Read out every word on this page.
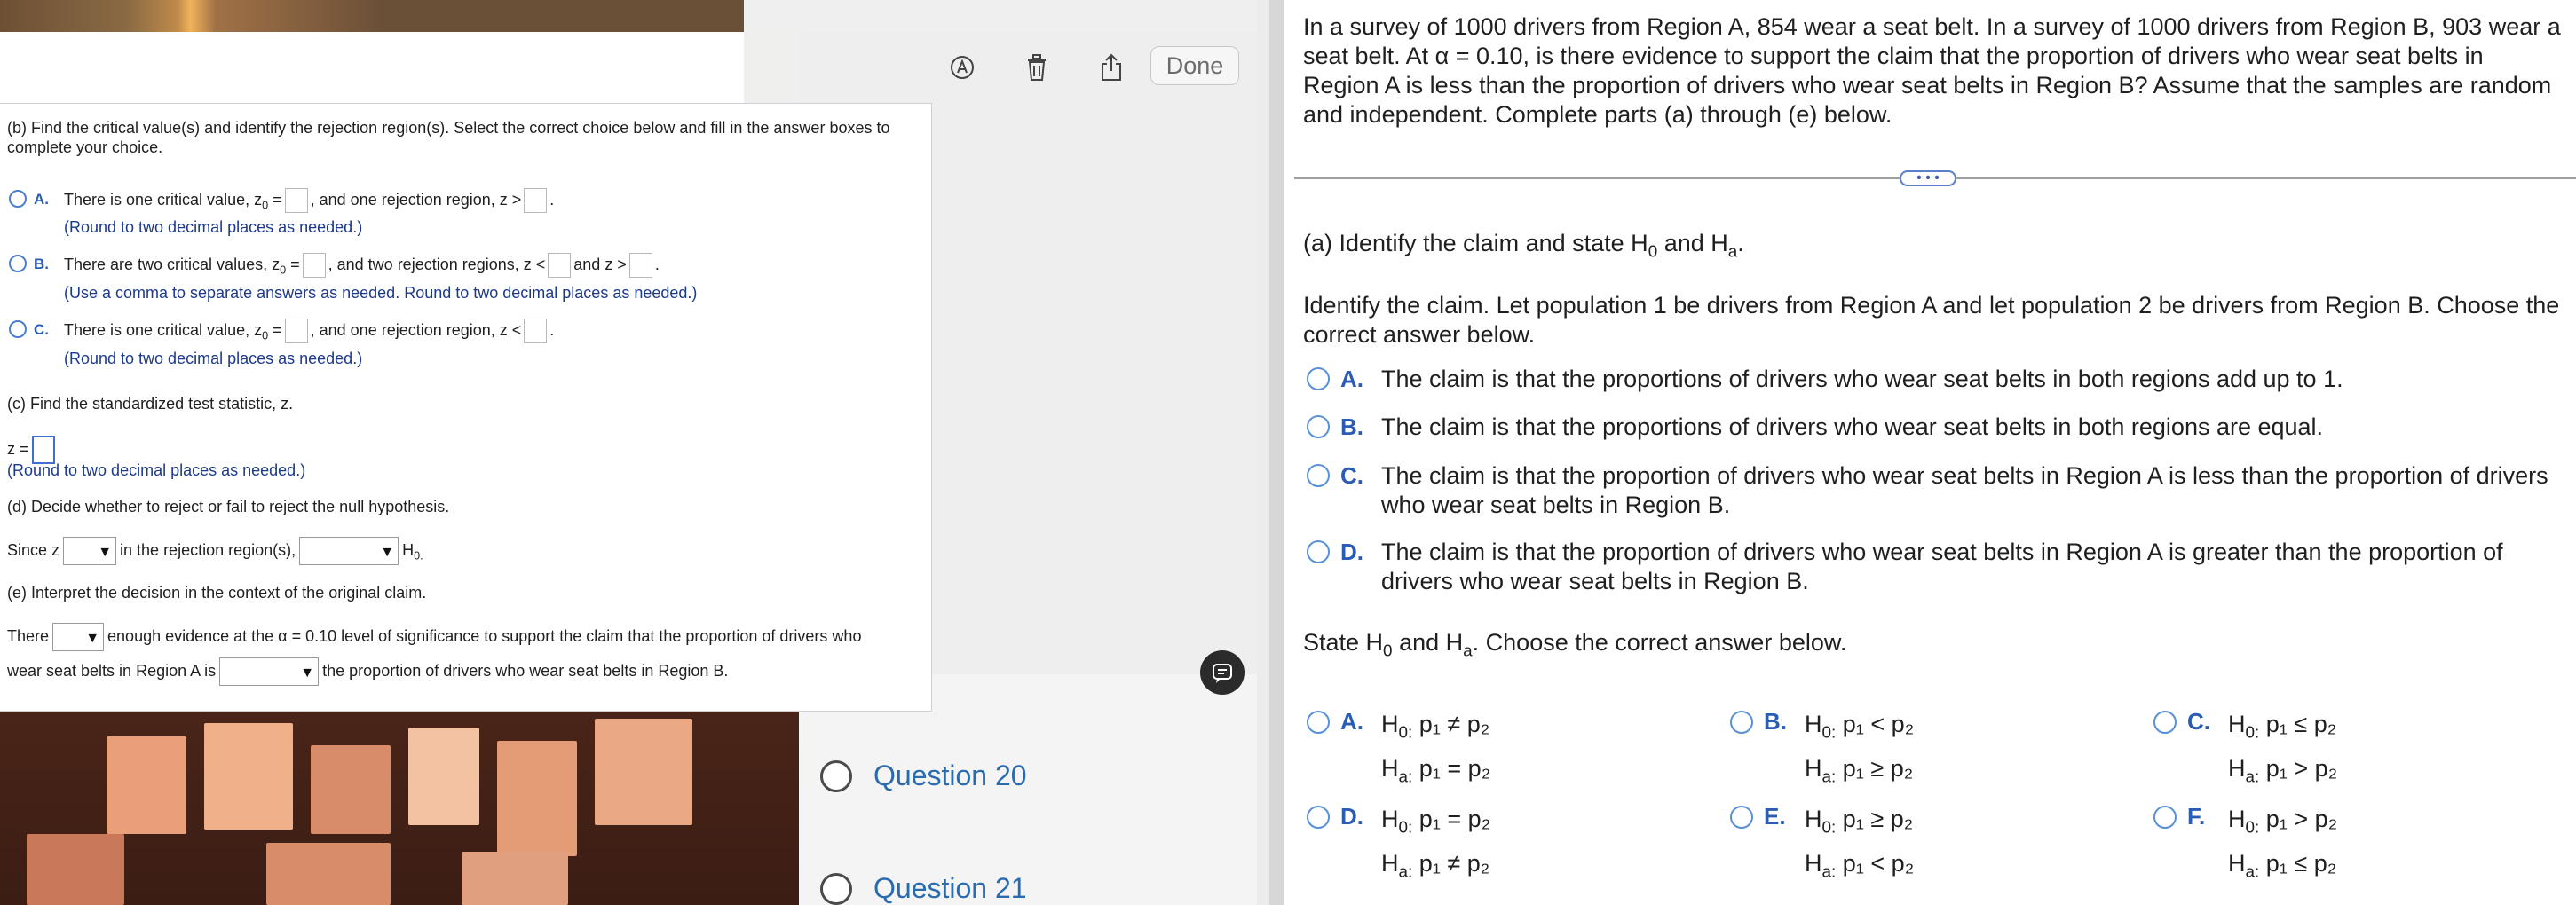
Done
(b) Find the critical value(s) and identify the rejection region(s). Select the correct choice below and fill in the answer boxes to complete your choice.
A. There is one critical value, $z_0$ = , and one rejection region, z > .
(Round to two decimal places as needed.)
B. There are two critical values, $z_0$ = , and two rejection regions, z < and z > .
(Use a comma to separate answers as needed. Round to two decimal places as needed.)
C. There is one critical value, $z_0$ = , and one rejection region, z < .
(Round to two decimal places as needed.)
(c) Find the standardized test statistic, z.
z =
(Round to two decimal places as needed.)
(d) Decide whether to reject or fail to reject the null hypothesis.
Since z	▼ in the rejection region(s),	▼ $H_{0.}$
(e) Interpret the decision in the context of the original claim.
There	▼ enough evidence at the α = 0.10 level of significance to support the claim that the proportion of drivers who
wear seat belts in Region A is	▼ the proportion of drivers who wear seat belts in Region B.
Question 20
Question 21
In a survey of 1000 drivers from Region A, 854 wear a seat belt. In a survey of 1000 drivers from Region B, 903 wear a seat belt. At α = 0.10, is there evidence to support the claim that the proportion of drivers who wear seat belts in Region A is less than the proportion of drivers who wear seat belts in Region B? Assume that the samples are random and independent. Complete parts (a) through (e) below.
• • •
(a) Identify the claim and state $H_0$ and $H_a$.
Identify the claim. Let population 1 be drivers from Region A and let population 2 be drivers from Region B. Choose the correct answer below.
A. The claim is that the proportions of drivers who wear seat belts in both regions add up to 1.
B. The claim is that the proportions of drivers who wear seat belts in both regions are equal.
C. The claim is that the proportion of drivers who wear seat belts in Region A is less than the proportion of drivers who wear seat belts in Region B.
D. The claim is that the proportion of drivers who wear seat belts in Region A is greater than the proportion of drivers who wear seat belts in Region B.
State $H_0$ and $H_a$. Choose the correct answer below.
A. $H_{0:}$ p₁ ≠ p₂
$H_{a:}$ p₁ = p₂
B. $H_{0:}$ p₁ < p₂
$H_{a:}$ p₁ ≥ p₂
C. $H_{0:}$ p₁ ≤ p₂
$H_{a:}$ p₁ > p₂
D. $H_{0:}$ p₁ = p₂
$H_{a:}$ p₁ ≠ p₂
E. $H_{0:}$ p₁ ≥ p₂
$H_{a:}$ p₁ < p₂
F. $H_{0:}$ p₁ > p₂
$H_{a:}$ p₁ ≤ p₂
